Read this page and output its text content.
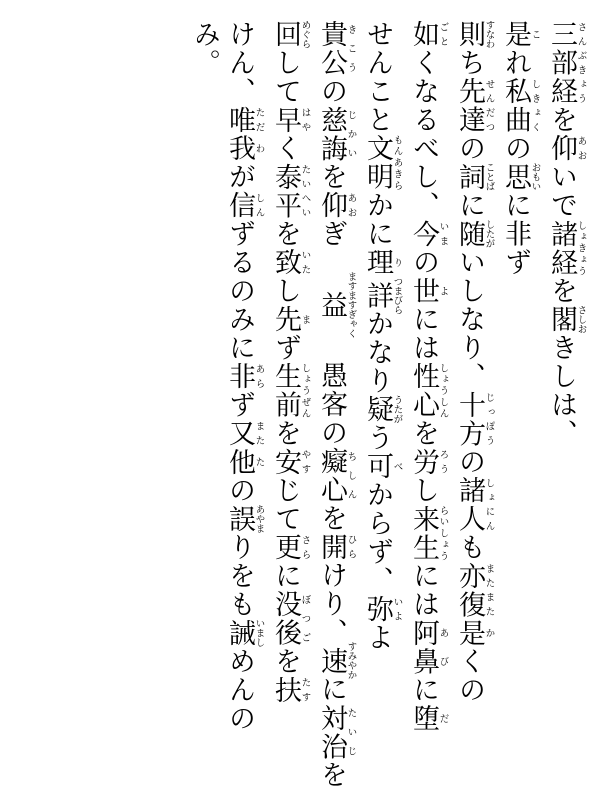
三部経さんぶきょうを仰あおいで諸経しょきょうを閣さしおきしは、
是これ私曲しきょくの思おもいに非ず
則すなわち先達せんだつの詞ことばに随したがいしなり、十方じっぽうの諸人しょにんも亦復またまた是かくの
如ごとくなるべし、今いまの世よには性心しょうしんを労ろうし来生らいしょうには阿鼻あびに堕だ
せんこと文明もんあきらかに理り詳つまびらかなり疑うたがう可べからず、弥いよよ
貴公きこうの慈誨じかいを仰あおぎ　益ますますぎゃく　愚客の癡心ちしんを開ひらけり、速すみやかに対治たいじを
回めぐらして早はやく泰平たいへいを致いたし先まず生前しょうぜんを安やすじて更さらに没後ぼつごを扶たす
けん、唯ただ我わが信しんずるのみに非あらず又また他たの誤あやまりをも誡いましめんの
み。
